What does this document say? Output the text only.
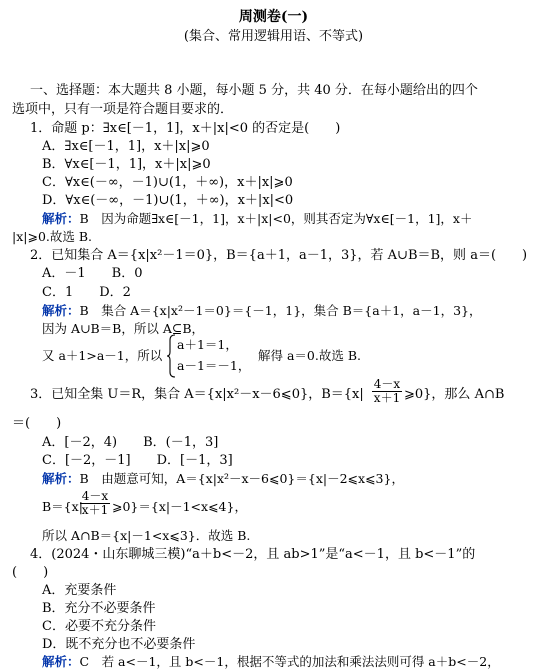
周测卷(一)
(集合、常用逻辑用语、不等式)
一、选择题：本大题共 8 小题，每小题 5 分，共 40 分．在每小题给出的四个
选项中，只有一项是符合题目要求的．
1．命题 p：∃x∈[－1，1]，x＋|x|<0 的否定是(　　)
A．∃x∈[－1，1]，x＋|x|⩾0
B．∀x∈[－1，1]，x＋|x|⩾0
C．∀x∈(－∞，－1)∪(1，＋∞)，x＋|x|⩾0
D．∀x∈(－∞，－1)∪(1，＋∞)，x＋|x|<0
解析：B　因为命题∃x∈[－1，1]，x＋|x|<0，则其否定为∀x∈[－1，1]，x＋
|x|⩾0.故选 B.
2．已知集合 A＝{x|x²－1＝0}，B＝{a＋1，a－1，3}，若 A∪B＝B，则 a＝(　　)
A．－1　　B．0
C．1　　D．2
解析：B　集合 A＝{x|x²－1＝0}＝{－1，1}，集合 B＝{a＋1，a－1，3}，
因为 A∪B＝B，所以 A⊆B，
又 a＋1>a－1，所以
a＋1＝1，
a－1＝－1，
解得 a＝0.故选 B.
3．已知全集 U＝R，集合 A＝{x|x²－x－6⩽0}，$B=\{x| \frac{4-x}{x+1}$ ⩾0}，那么 A∩B
＝(　　)
A．[－2，4)　　B．(－1，3]
C．[－2，－1]　　D．[－1，3]
解析：B　由题意可知，A＝{x|x²－x－6⩽0}＝{x|－2⩽x⩽3}，
B＝{x|
$\frac{4-x}{x+1}$ ⩾0}＝{x|－1<x⩽4}，
所以 A∩B＝{x|－1<x⩽3}．故选 B.
4．(2024・山东聊城三模)“a＋b<－2，且 ab>1”是“a<－1，且 b<－1”的
(　　)
A．充要条件
B．充分不必要条件
C．必要不充分条件
D．既不充分也不必要条件
解析：C　若 a<－1，且 b<－1，根据不等式的加法和乘法法则可得 a＋b<－2，
